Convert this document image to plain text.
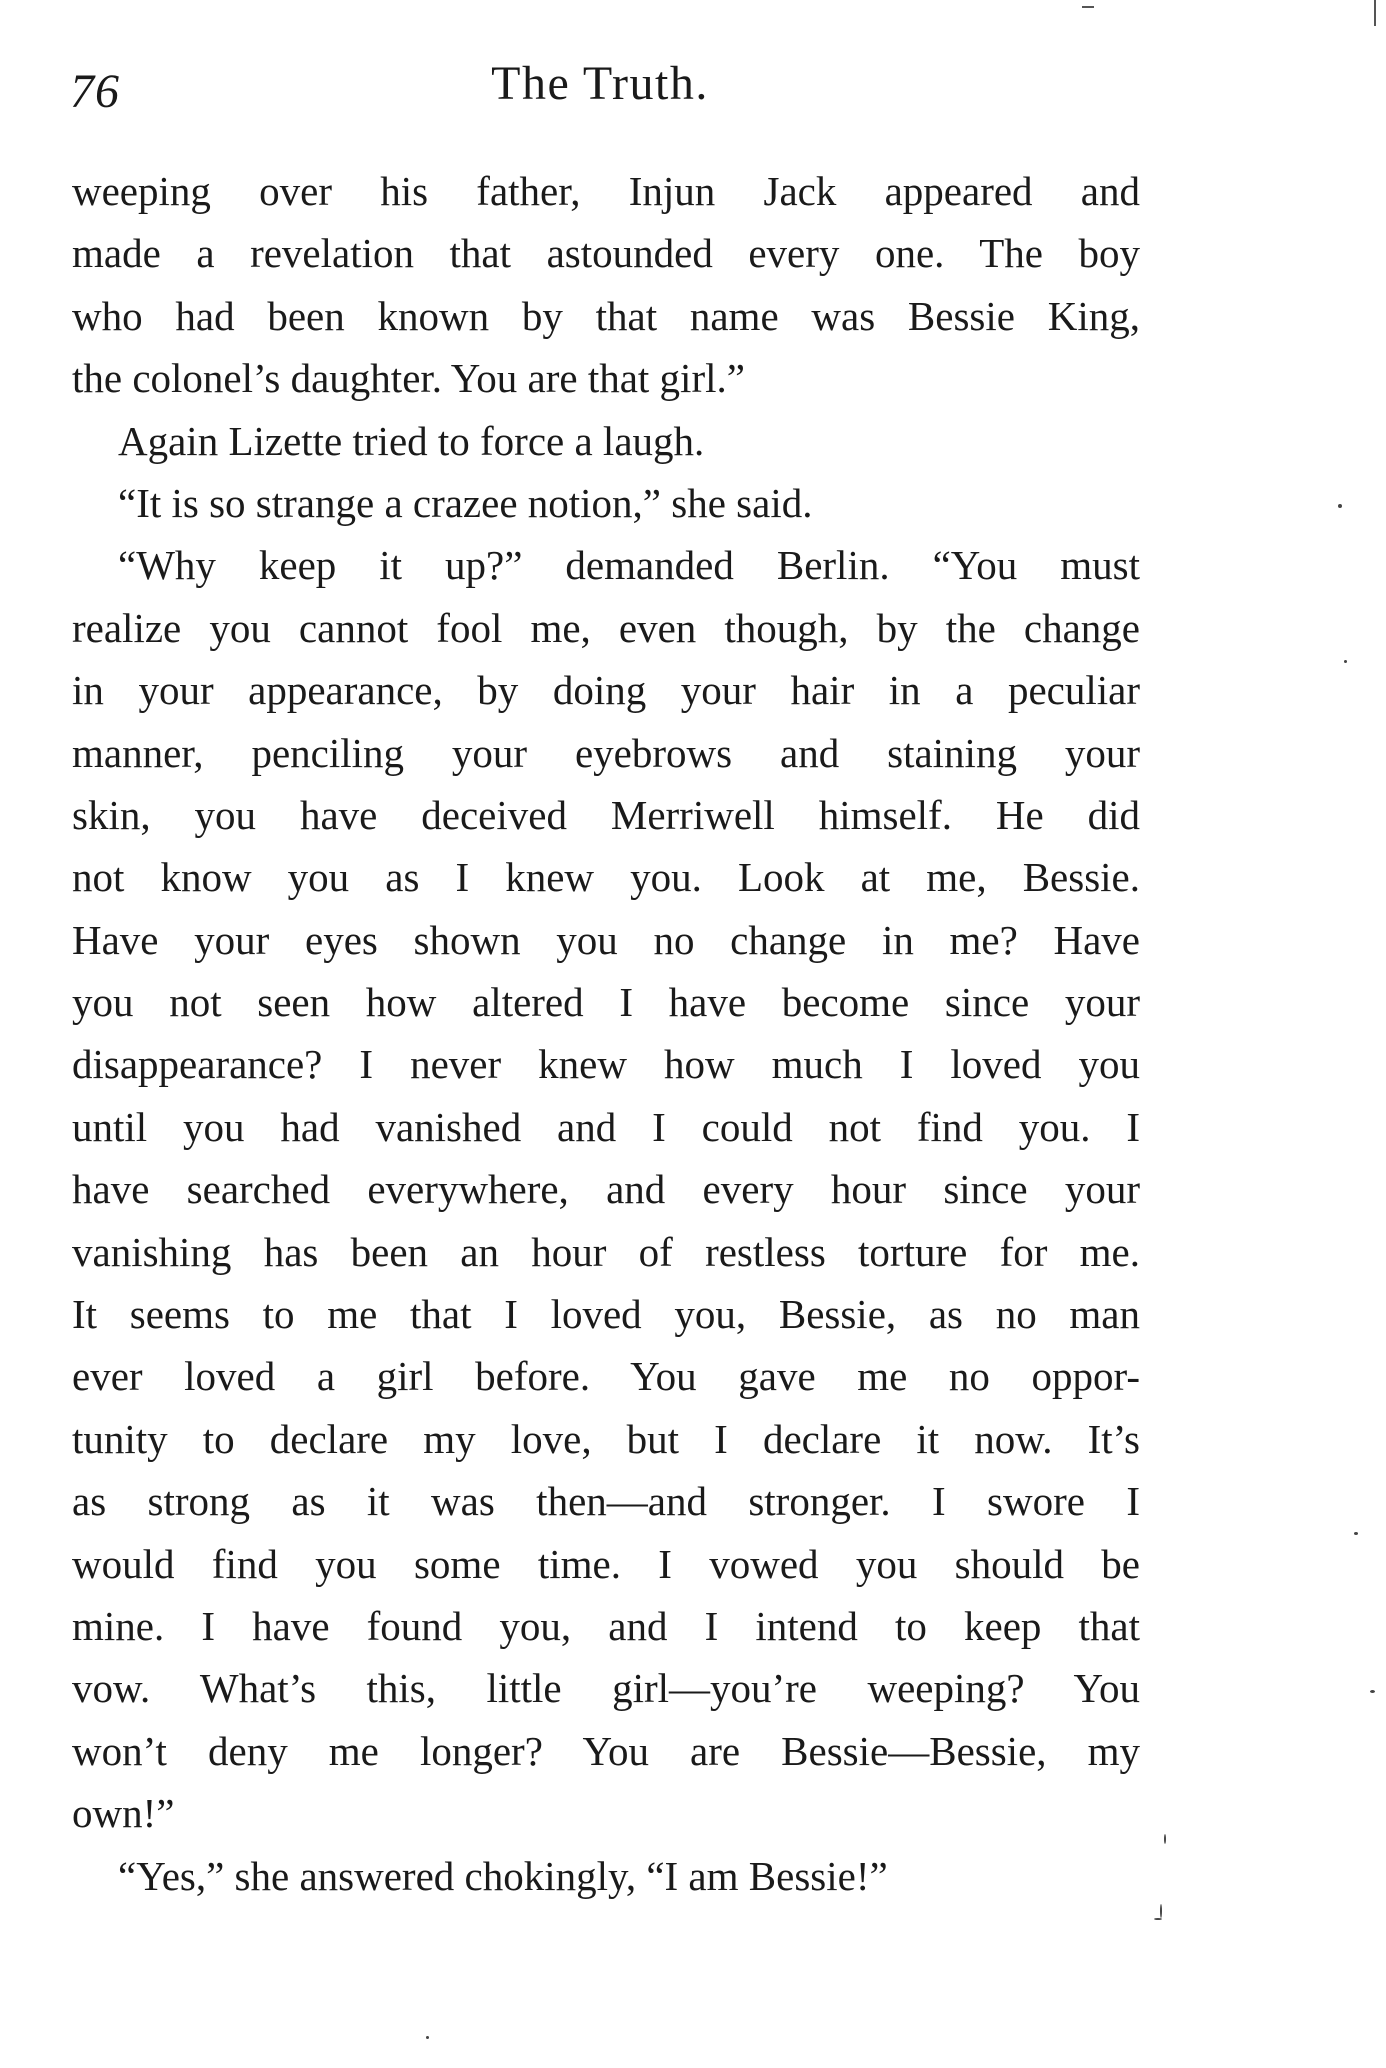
76	The Truth.
weeping over his father, Injun Jack appeared and
made a revelation that astounded every one. The boy
who had been known by that name was Bessie King,
the colonel’s daughter. You are that girl.”
Again Lizette tried to force a laugh.
“It is so strange a crazee notion,” she said.
“Why keep it up?” demanded Berlin. “You must
realize you cannot fool me, even though, by the change
in your appearance, by doing your hair in a peculiar
manner, penciling your eyebrows and staining your
skin, you have deceived Merriwell himself. He did
not know you as I knew you. Look at me, Bessie.
Have your eyes shown you no change in me? Have
you not seen how altered I have become since your
disappearance? I never knew how much I loved you
until you had vanished and I could not find you. I
have searched everywhere, and every hour since your
vanishing has been an hour of restless torture for me.
It seems to me that I loved you, Bessie, as no man
ever loved a girl before. You gave me no oppor-
tunity to declare my love, but I declare it now. It’s
as strong as it was then—and stronger. I swore I
would find you some time. I vowed you should be
mine. I have found you, and I intend to keep that
vow. What’s this, little girl—you’re weeping? You
won’t deny me longer? You are Bessie—Bessie, my
own!”
“Yes,” she answered chokingly, “I am Bessie!”
